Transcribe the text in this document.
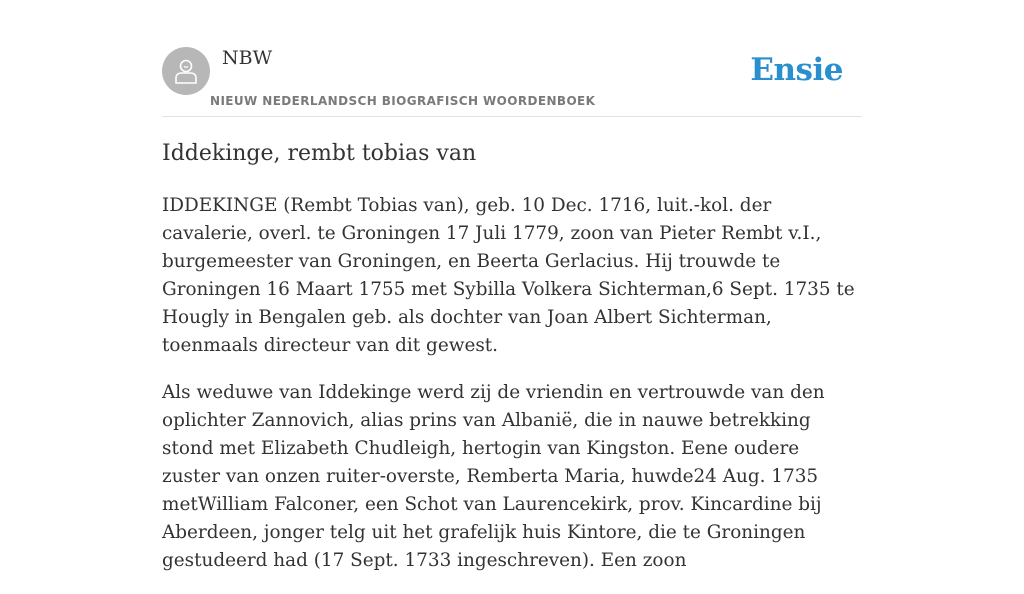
NBW
NIEUW NEDERLANDSCH BIOGRAFISCH WOORDENBOEK
Ensie
Iddekinge, rembt tobias van

IDDEKINGE (Rembt Tobias van), geb. 10 Dec. 1716, luit.-kol. der cavalerie, overl. te Groningen 17 Juli 1779, zoon van Pieter Rembt v.I., burgemeester van Groningen, en Beerta Gerlacius. Hij trouwde te Groningen 16 Maart 1755 met Sybilla Volkera Sichterman,6 Sept. 1735 te Hougly in Bengalen geb. als dochter van Joan Albert Sichterman, toenmaals directeur van dit gewest.

Als weduwe van Iddekinge werd zij de vriendin en vertrouwde van den oplichter Zannovich, alias prins van Albanië, die in nauwe betrekking stond met Elizabeth Chudleigh, hertogin van Kingston. Eene oudere zuster van onzen ruiter-overste, Remberta Maria, huwde24 Aug. 1735 metWilliam Falconer, een Schot van Laurencekirk, prov. Kincardine bij Aberdeen, jonger telg uit het grafelijk huis Kintore, die te Groningen gestudeerd had (17 Sept. 1733 ingeschreven). Een zoon
